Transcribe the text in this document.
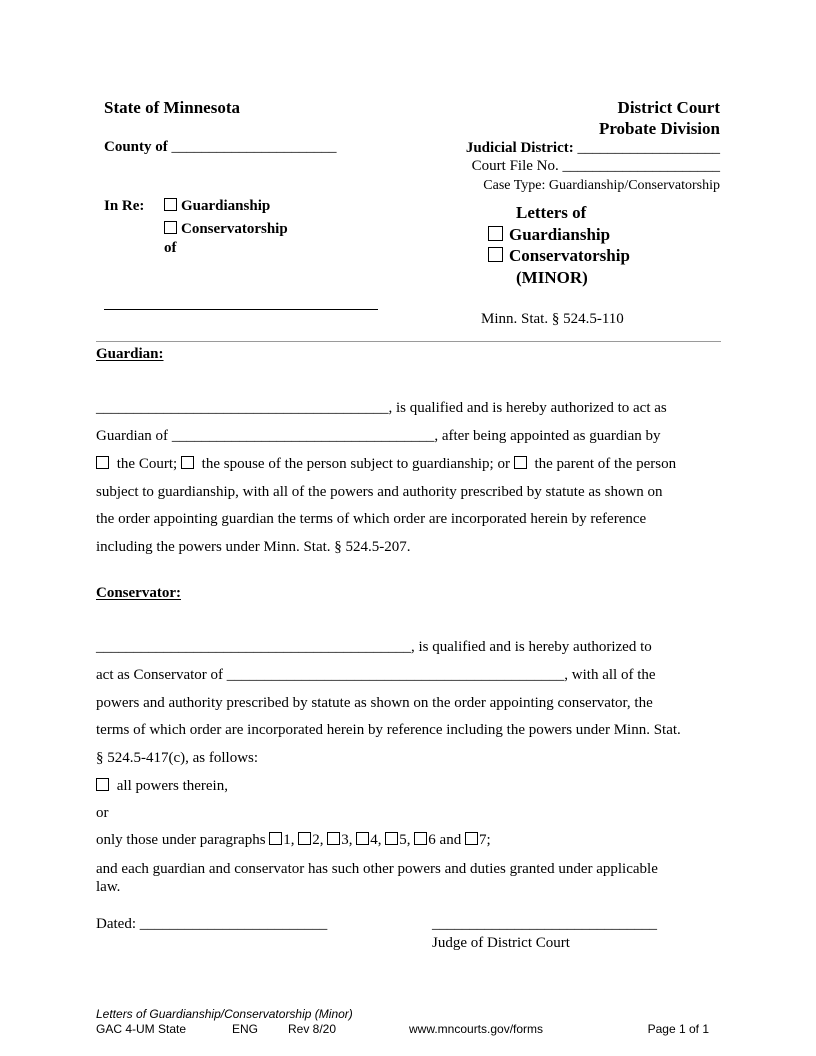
State of Minnesota
County of ______________________
In Re:	Guardianship
Conservatorship
of
District Court
Probate Division
Judicial District: ___________________
Court File No. _____________________
Case Type: Guardianship/Conservatorship
Letters of
Guardianship
Conservatorship
(MINOR)
Minn. Stat. § 524.5-110
Guardian:
_______________________________________, is qualified and is hereby authorized to act as
Guardian of ___________________________________, after being appointed as guardian by
the Court; the spouse of the person subject to guardianship; or the parent of the person
subject to guardianship, with all of the powers and authority prescribed by statute as shown on
the order appointing guardian the terms of which order are incorporated herein by reference
including the powers under Minn. Stat. § 524.5-207.
Conservator:
__________________________________________, is qualified and is hereby authorized to
act as Conservator of _____________________________________________, with all of the
powers and authority prescribed by statute as shown on the order appointing conservator, the
terms of which order are incorporated herein by reference including the powers under Minn. Stat.
§ 524.5-417(c), as follows:
all powers therein,
or
only those under paragraphs 1, 2, 3, 4, 5, 6 and 7;
and each guardian and conservator has such other powers and duties granted under applicable
law.
Dated: _________________________	______________________________
Judge of District Court
Letters of Guardianship/Conservatorship (Minor)
GAC 4-UM State	ENG Rev 8/20	www.mncourts.gov/forms	Page 1 of 1
